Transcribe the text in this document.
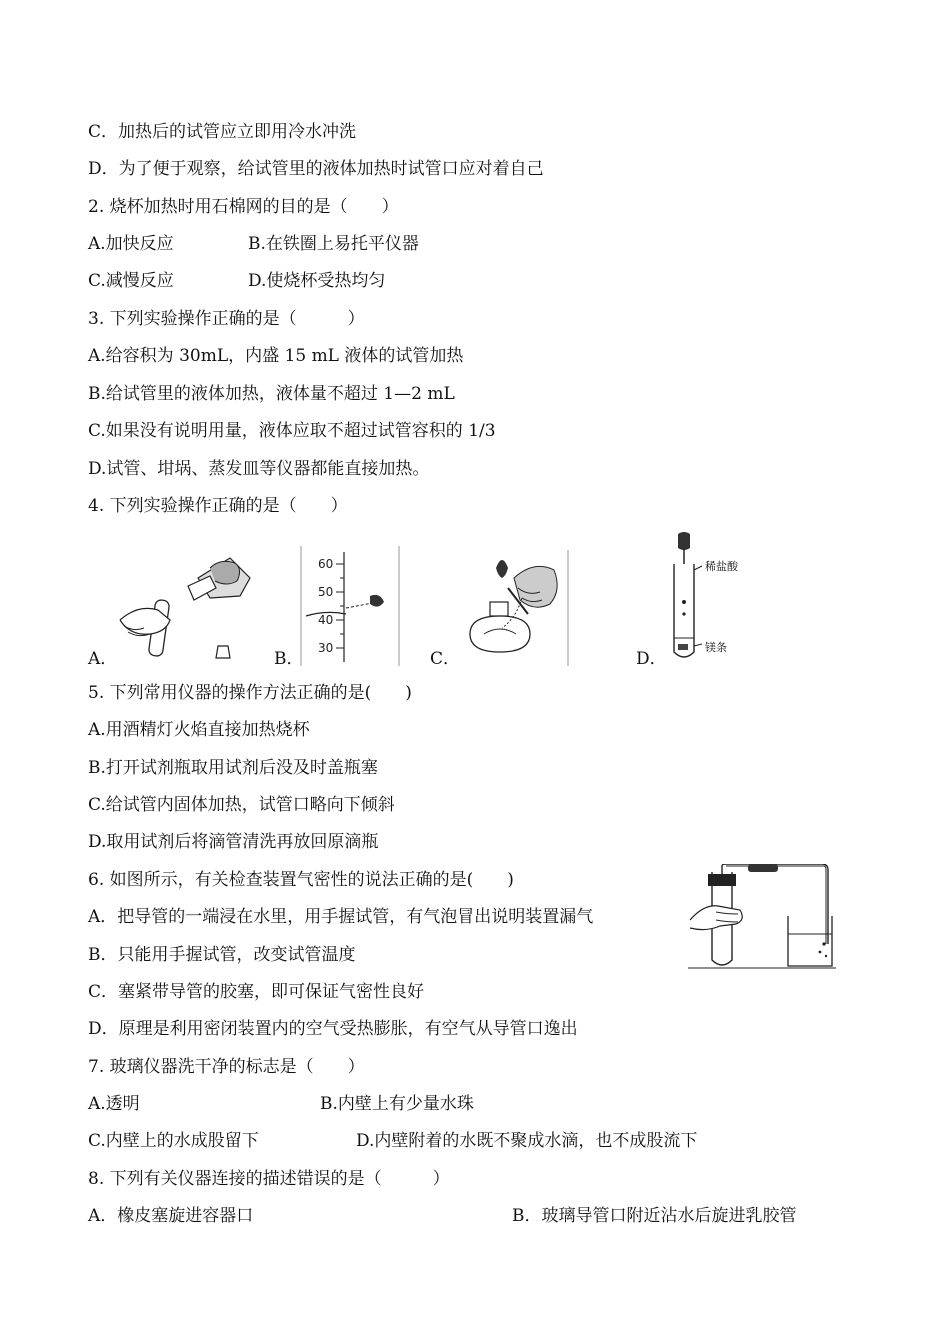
C．加热后的试管应立即用冷水冲洗
D．为了便于观察，给试管里的液体加热时试管口应对着自己
2. 烧杯加热时用石棉网的目的是（　　）
A.加快反应	B.在铁圈上易托平仪器
C.减慢反应	D.使烧杯受热均匀
3. 下列实验操作正确的是（　　　）
A.给容积为 30mL，内盛 15 mL 液体的试管加热
B.给试管里的液体加热，液体量不超过 1—2 mL
C.如果没有说明用量，液体应取不超过试管容积的 1/3
D.试管、坩埚、蒸发皿等仪器都能直接加热。
4. 下列实验操作正确的是（　　）
A．
60
50
40
30
B．	C．
稀盐酸
镁条
D．
5. 下列常用仪器的操作方法正确的是(　　)
A.用酒精灯火焰直接加热烧杯
B.打开试剂瓶取用试剂后没及时盖瓶塞
C.给试管内固体加热，试管口略向下倾斜
D.取用试剂后将滴管清洗再放回原滴瓶
6. 如图所示，有关检查装置气密性的说法正确的是(　　)
A．把导管的一端浸在水里，用手握试管，有气泡冒出说明装置漏气
B．只能用手握试管，改变试管温度
C．塞紧带导管的胶塞，即可保证气密性良好
D．原理是利用密闭装置内的空气受热膨胀，有空气从导管口逸出
7. 玻璃仪器洗干净的标志是（　　）
A.透明	B.内壁上有少量水珠
C.内壁上的水成股留下	D.内壁附着的水既不聚成水滴，也不成股流下
8. 下列有关仪器连接的描述错误的是（　　　）
A．橡皮塞旋进容器口	B．玻璃导管口附近沾水后旋进乳胶管
